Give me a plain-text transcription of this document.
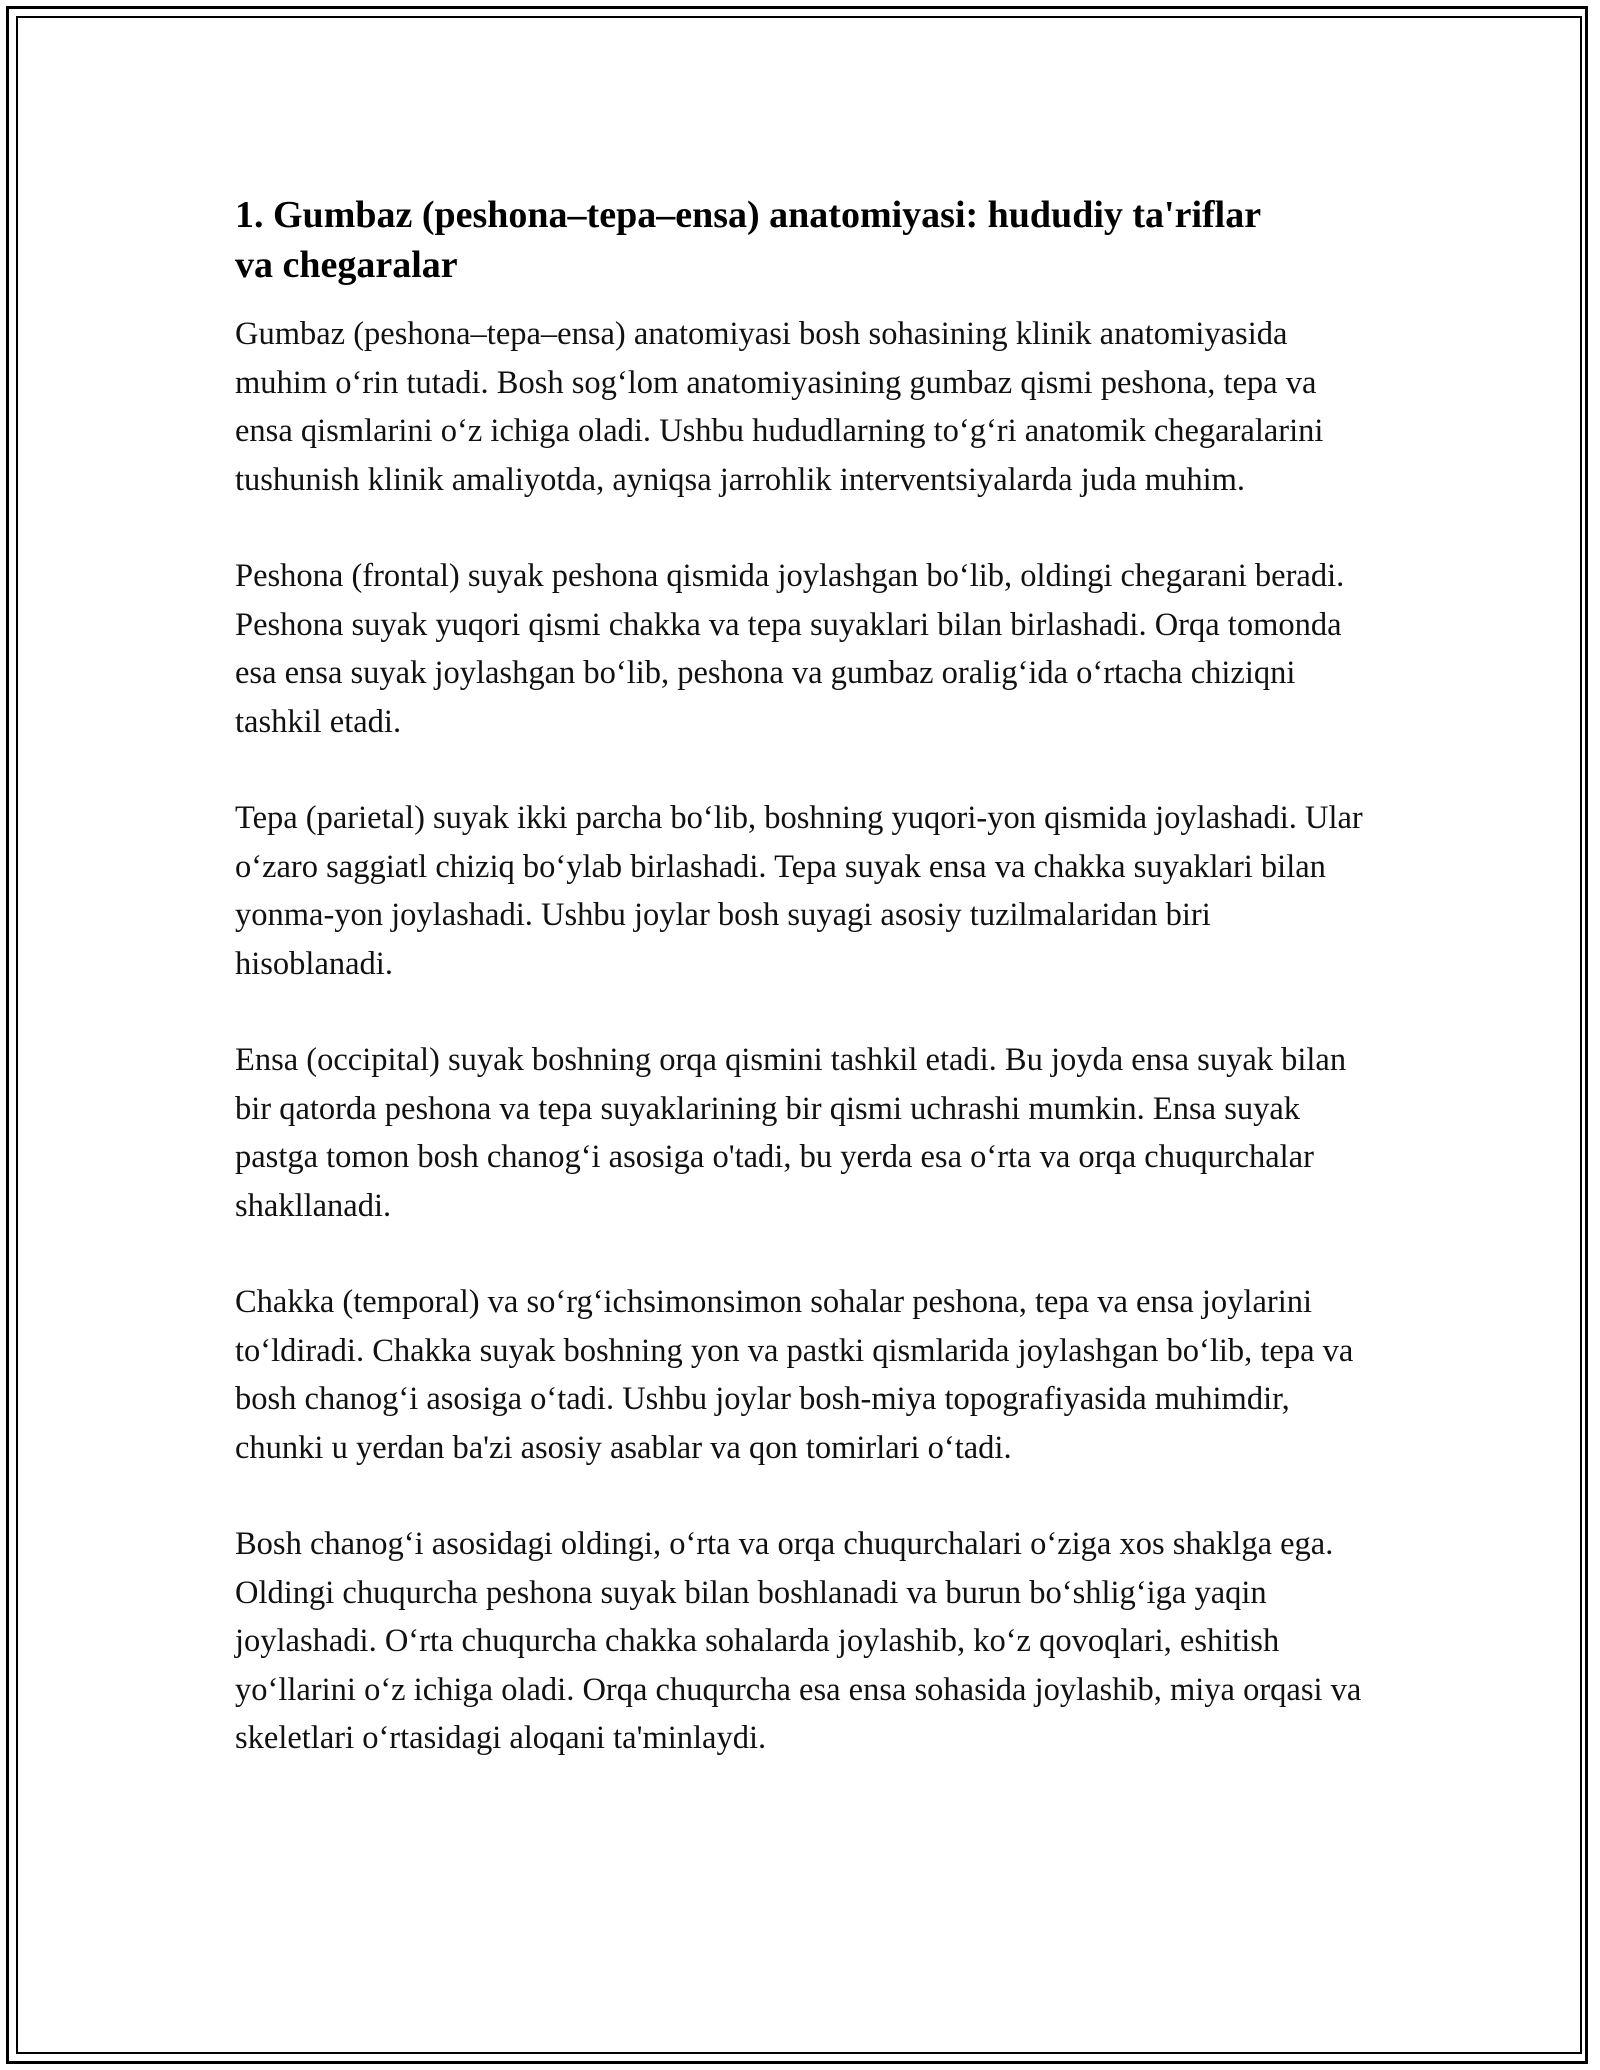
1. Gumbaz (peshona–tepa–ensa) anatomiyasi: hududiy ta'riflar va chegaralar

Gumbaz (peshona–tepa–ensa) anatomiyasi bosh sohasining klinik anatomiyasida muhim oʻrin tutadi. Bosh sogʻlom anatomiyasining gumbaz qismi peshona, tepa va ensa qismlarini oʻz ichiga oladi. Ushbu hududlarning toʻgʻri anatomik chegaralarini tushunish klinik amaliyotda, ayniqsa jarrohlik interventsiyalarda juda muhim.

Peshona (frontal) suyak peshona qismida joylashgan boʻlib, oldingi chegarani beradi. Peshona suyak yuqori qismi chakka va tepa suyaklari bilan birlashadi. Orqa tomonda esa ensa suyak joylashgan boʻlib, peshona va gumbaz oraligʻida oʻrtacha chiziqni tashkil etadi.

Tepa (parietal) suyak ikki parcha boʻlib, boshning yuqori-yon qismida joylashadi. Ular oʻzaro saggiatl chiziq boʻylab birlashadi. Tepa suyak ensa va chakka suyaklari bilan yonma-yon joylashadi. Ushbu joylar bosh suyagi asosiy tuzilmalaridan biri hisoblanadi.

Ensa (occipital) suyak boshning orqa qismini tashkil etadi. Bu joyda ensa suyak bilan bir qatorda peshona va tepa suyaklarining bir qismi uchrashi mumkin. Ensa suyak pastga tomon bosh chanogʻi asosiga o'tadi, bu yerda esa oʻrta va orqa chuqurchalar shakllanadi.

Chakka (temporal) va soʻrgʻichsimonsimon sohalar peshona, tepa va ensa joylarini toʻldiradi. Chakka suyak boshning yon va pastki qismlarida joylashgan boʻlib, tepa va bosh chanogʻi asosiga oʻtadi. Ushbu joylar bosh-miya topografiyasida muhimdir, chunki u yerdan ba'zi asosiy asablar va qon tomirlari oʻtadi.

Bosh chanogʻi asosidagi oldingi, oʻrta va orqa chuqurchalari oʻziga xos shaklga ega. Oldingi chuqurcha peshona suyak bilan boshlanadi va burun boʻshligʻiga yaqin joylashadi. Oʻrta chuqurcha chakka sohalarda joylashib, koʻz qovoqlari, eshitish yoʻllarini oʻz ichiga oladi. Orqa chuqurcha esa ensa sohasida joylashib, miya orqasi va skeletlari oʻrtasidagi aloqani ta'minlaydi.
